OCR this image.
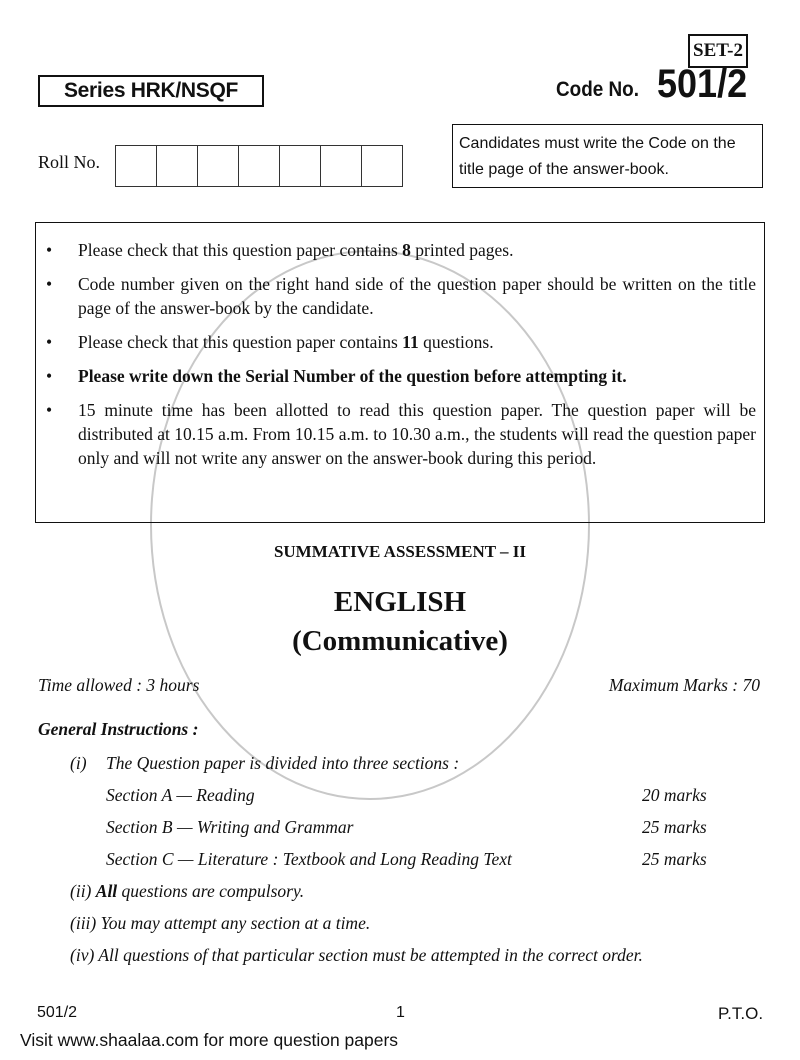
SET-2
Series HRK/NSQF	Code No. 501/2
Roll No.
Candidates must write the Code on the title page of the answer-book.
•	Please check that this question paper contains 8 printed pages.
•	Code number given on the right hand side of the question paper should be written on the title page of the answer-book by the candidate.
•	Please check that this question paper contains 11 questions.
•	Please write down the Serial Number of the question before attempting it.
•	15 minute time has been allotted to read this question paper. The question paper will be distributed at 10.15 a.m. From 10.15 a.m. to 10.30 a.m., the students will read the question paper only and will not write any answer on the answer-book during this period.
SUMMATIVE ASSESSMENT – II
ENGLISH
(Communicative)
Time allowed : 3 hours	Maximum Marks : 70
General Instructions :
(i) The Question paper is divided into three sections :
Section A — Reading	20 marks
Section B — Writing and Grammar	25 marks
Section C — Literature : Textbook and Long Reading Text	25 marks
(ii) All questions are compulsory.
(iii) You may attempt any section at a time.
(iv) All questions of that particular section must be attempted in the correct order.
501/2	1	P.T.O.
Visit www.shaalaa.com for more question papers
